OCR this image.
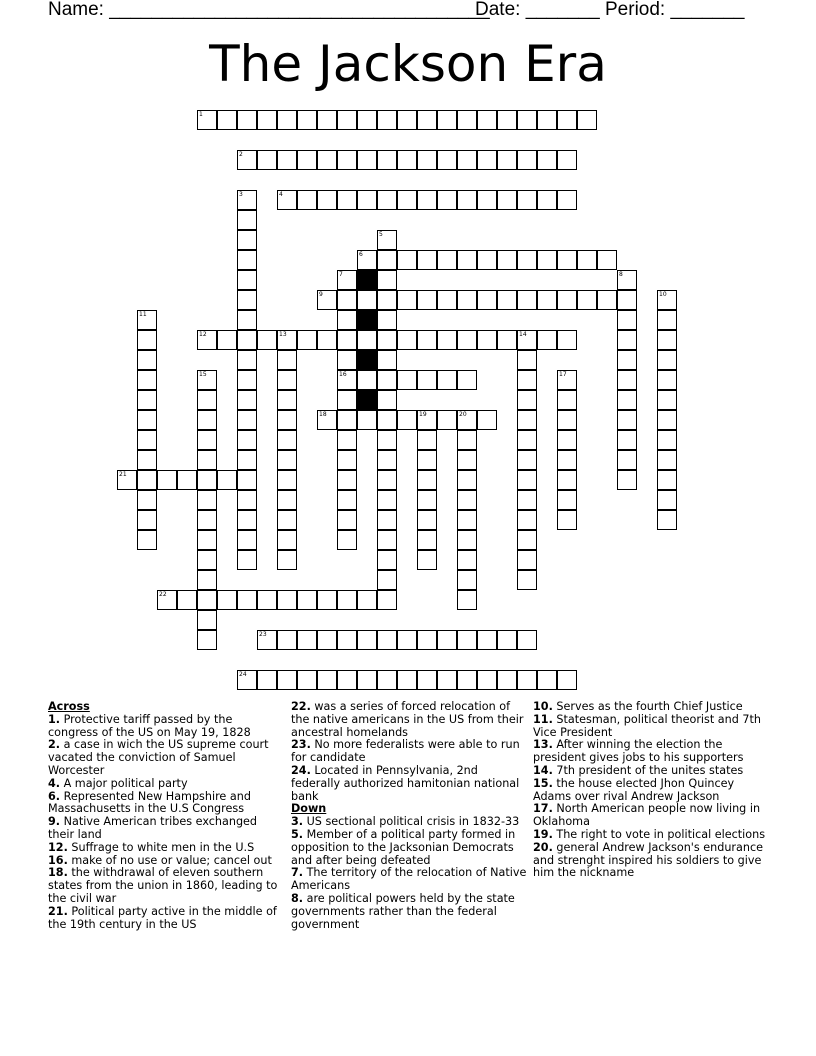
Name: ____________________________________
Date: _______ Period: _______
The Jackson Era
1
2
3	4
5
6
7	8
9	10
11
12	13	14
15	16	17
18	19	20
21
22
23
24
Across
1. Protective tariff passed by the congress of the US on May 19, 1828
2. a case in wich the US supreme court vacated the conviction of Samuel Worcester
4. A major political party
6. Represented New Hampshire and Massachusetts in the U.S Congress
9. Native American tribes exchanged their land
12. Suffrage to white men in the U.S
16. make of no use or value; cancel out
18. the withdrawal of eleven southern states from the union in 1860, leading to the civil war
21. Political party active in the middle of the 19th century in the US
22. was a series of forced relocation of the native americans in the US from their ancestral homelands
23. No more federalists were able to run for candidate
24. Located in Pennsylvania, 2nd federally authorized hamitonian national bank
Down
3. US sectional political crisis in 1832-33
5. Member of a political party formed in opposition to the Jacksonian Democrats and after being defeated
7. The territory of the relocation of Native Americans
8. are political powers held by the state governments rather than the federal government
10. Serves as the fourth Chief Justice
11. Statesman, political theorist and 7th Vice President
13. After winning the election the president gives jobs to his supporters
14. 7th president of the unites states
15. the house elected Jhon Quincey Adams over rival Andrew Jackson
17. North American people now living in Oklahoma
19. The right to vote in political elections
20. general Andrew Jackson's endurance and strenght inspired his soldiers to give him the nickname
